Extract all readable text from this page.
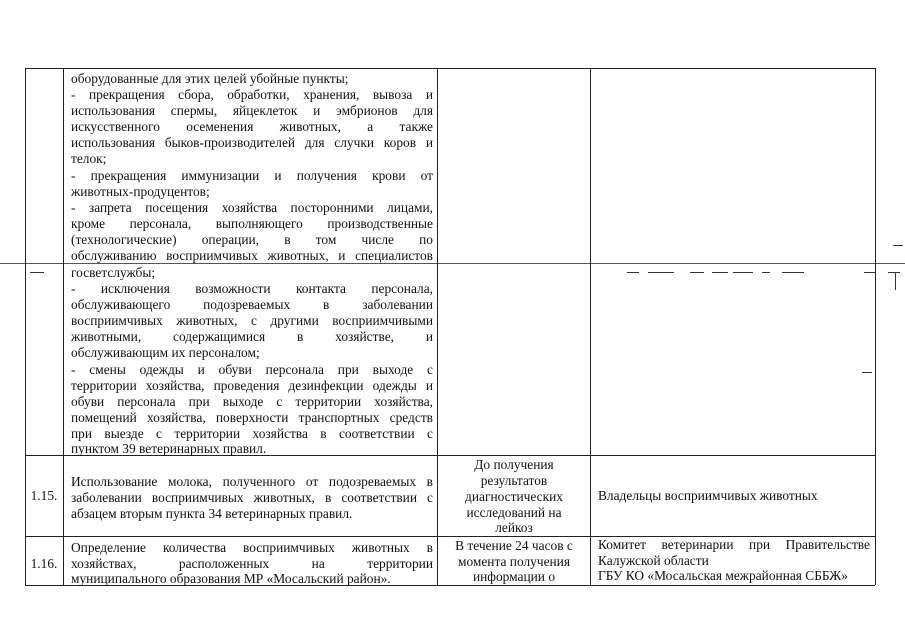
оборудованные для этих целей убойные пункты;
- прекращения сбора, обработки, хранения, вывоза и
использования спермы, яйцеклеток и эмбрионов для
искусственного осеменения животных, а также
использования быков-производителей для случки коров и
телок;
- прекращения иммунизации и получения крови от
животных-продуцентов;
- запрета посещения хозяйства посторонними лицами,
кроме персонала, выполняющего производственные
(технологические) операции, в том числе по
обслуживанию восприимчивых животных, и специалистов
госветслужбы;
- исключения возможности контакта персонала,
обслуживающего подозреваемых в заболевании
восприимчивых животных, с другими восприимчивыми
животными, содержащимися в хозяйстве, и
обслуживающим их персоналом;
- смены одежды и обуви персонала при выходе с
территории хозяйства, проведения дезинфекции одежды и
обуви персонала при выходе с территории хозяйства,
помещений хозяйства, поверхности транспортных средств
при выезде с территории хозяйства в соответствии с
пунктом 39 ветеринарных правил.
1.15.
Использование молока, полученного от подозреваемых в
заболевании восприимчивых животных, в соответствии с
абзацем вторым пункта 34 ветеринарных правил.
До получения
результатов
диагностических
исследований на
лейкоз
Владельцы восприимчивых животных
1.16.
Определение количества восприимчивых животных в
хозяйствах, расположенных на территории
муниципального образования МР «Мосальский район».
В течение 24 часов с
момента получения
информации о
Комитет ветеринарии при Правительстве
Калужской области
ГБУ КО «Мосальская межрайонная СББЖ»
